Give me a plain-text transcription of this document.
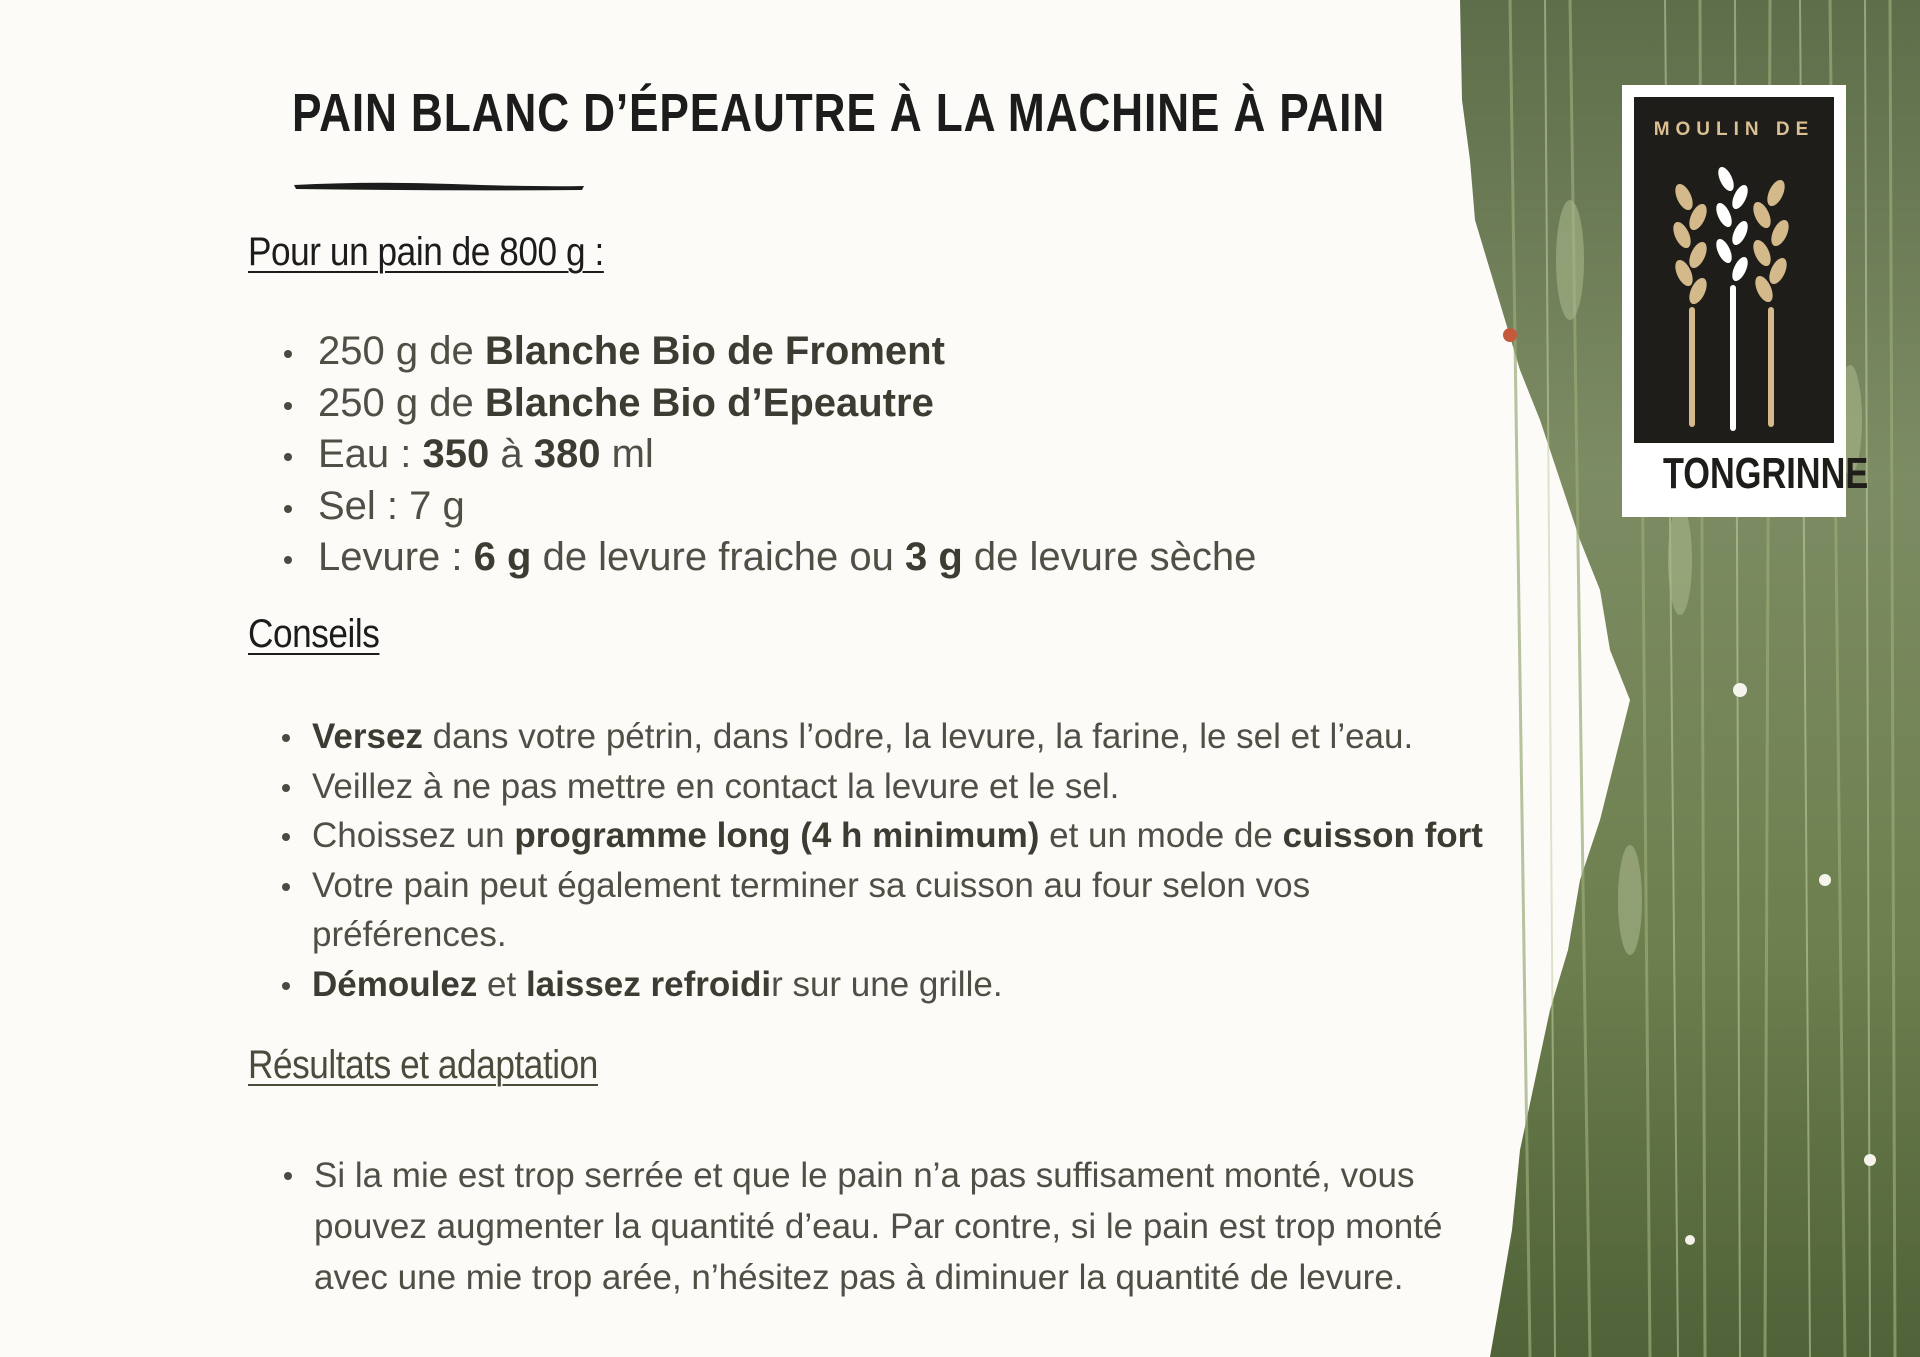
PAIN BLANC D’ÉPEAUTRE À LA MACHINE À PAIN
Pour un pain de 800 g :
250 g de Blanche Bio de Froment
250 g de Blanche Bio d’Epeautre
Eau : 350 à 380 ml
Sel : 7 g
Levure : 6 g de levure fraiche ou 3 g de levure sèche
Conseils
Versez dans votre pétrin, dans l’odre, la levure, la farine, le sel et l’eau.
Veillez à ne pas mettre en contact la levure et le sel.
Choissez un programme long (4 h minimum) et un mode de cuisson fort
Votre pain peut également terminer sa cuisson au four selon vos
préférences.
Démoulez et laissez refroidir sur une grille.
Résultats et adaptation
Si la mie est trop serrée et que le pain n’a pas suffisament monté, vous
pouvez augmenter la quantité d’eau. Par contre, si le pain est trop monté
avec une mie trop arée, n’hésitez pas à diminuer la quantité de levure.
MOULIN DE
TONGRINNE
